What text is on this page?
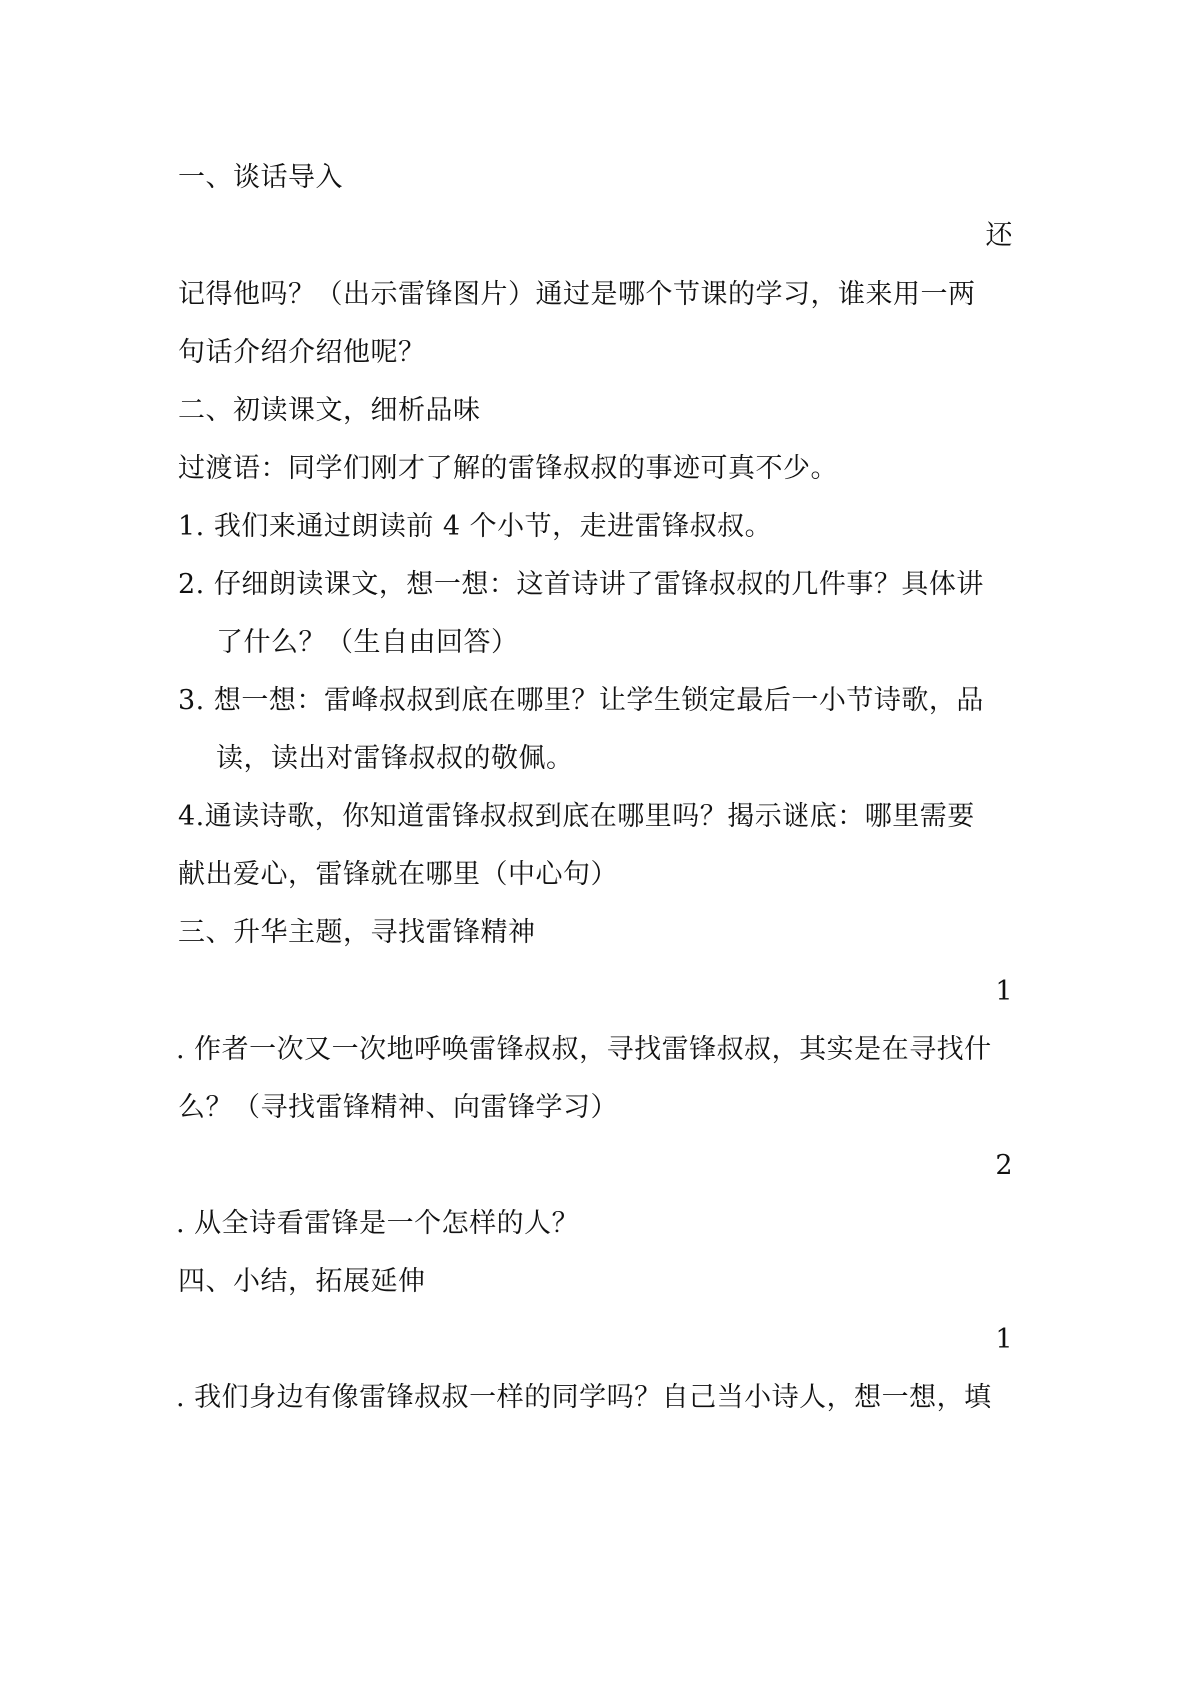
一、谈话导入
还
记得他吗？（出示雷锋图片）通过是哪个节课的学习，谁来用一两
句话介绍介绍他呢？
二、初读课文，细析品味
过渡语：同学们刚才了解的雷锋叔叔的事迹可真不少。
1. 我们来通过朗读前 4 个小节，走进雷锋叔叔。
2. 仔细朗读课文，想一想：这首诗讲了雷锋叔叔的几件事？具体讲
了什么？（生自由回答）
3. 想一想：雷峰叔叔到底在哪里？让学生锁定最后一小节诗歌，品
读，读出对雷锋叔叔的敬佩。
4.通读诗歌，你知道雷锋叔叔到底在哪里吗？揭示谜底：哪里需要
献出爱心，雷锋就在哪里（中心句）
三、升华主题，寻找雷锋精神
1
. 作者一次又一次地呼唤雷锋叔叔，寻找雷锋叔叔，其实是在寻找什
么？（寻找雷锋精神、向雷锋学习）
2
. 从全诗看雷锋是一个怎样的人？
四、小结，拓展延伸
1
. 我们身边有像雷锋叔叔一样的同学吗？自己当小诗人，想一想，填
